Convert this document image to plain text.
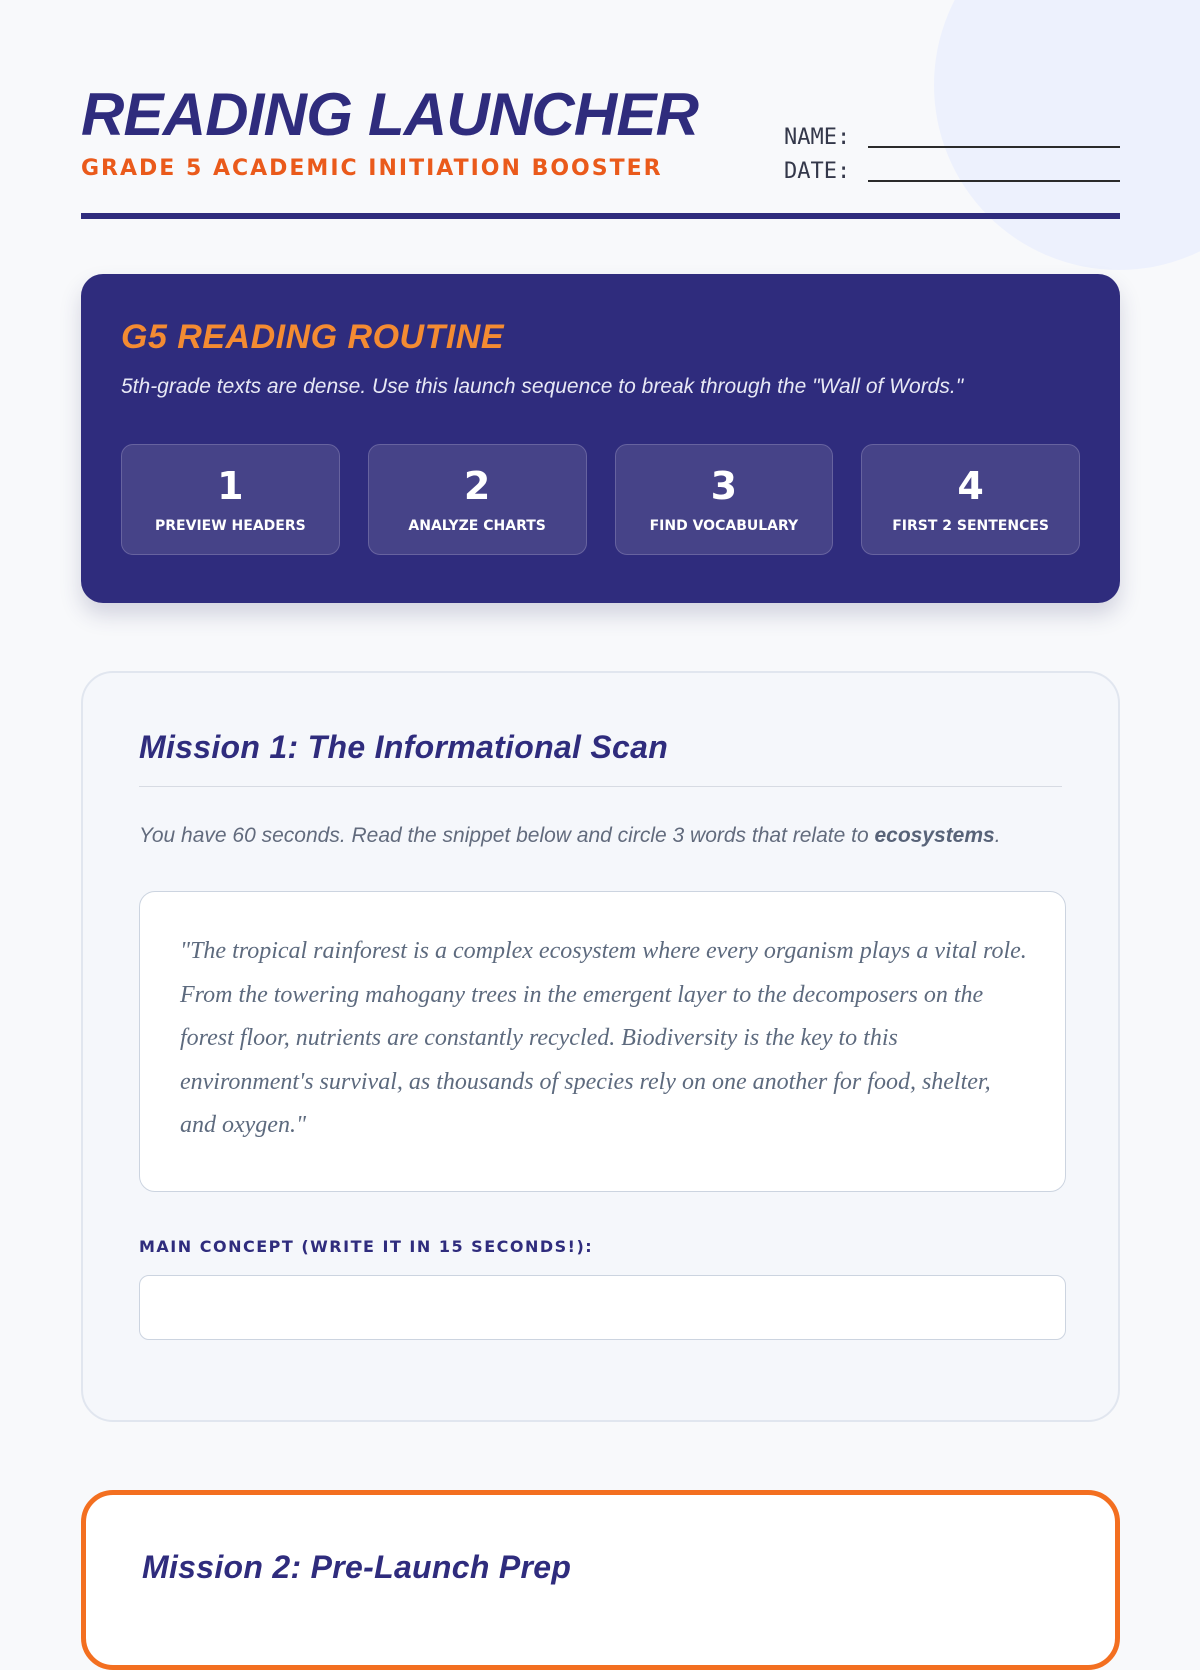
READING LAUNCHER
GRADE 5 ACADEMIC INITIATION BOOSTER
NAME:
DATE:
G5 READING ROUTINE
5th-grade texts are dense. Use this launch sequence to break through the "Wall of Words."
1
PREVIEW HEADERS
2
ANALYZE CHARTS
3
FIND VOCABULARY
4
FIRST 2 SENTENCES
Mission 1: The Informational Scan

You have 60 seconds. Read the snippet below and circle 3 words that relate to ecosystems.

"The tropical rainforest is a complex ecosystem where every organism plays a vital role. From the towering mahogany trees in the emergent layer to the decomposers on the forest floor, nutrients are constantly recycled. Biodiversity is the key to this environment's survival, as thousands of species rely on one another for food, shelter, and oxygen."
MAIN CONCEPT (WRITE IT IN 15 SECONDS!):
Mission 2: Pre-Launch Prep
